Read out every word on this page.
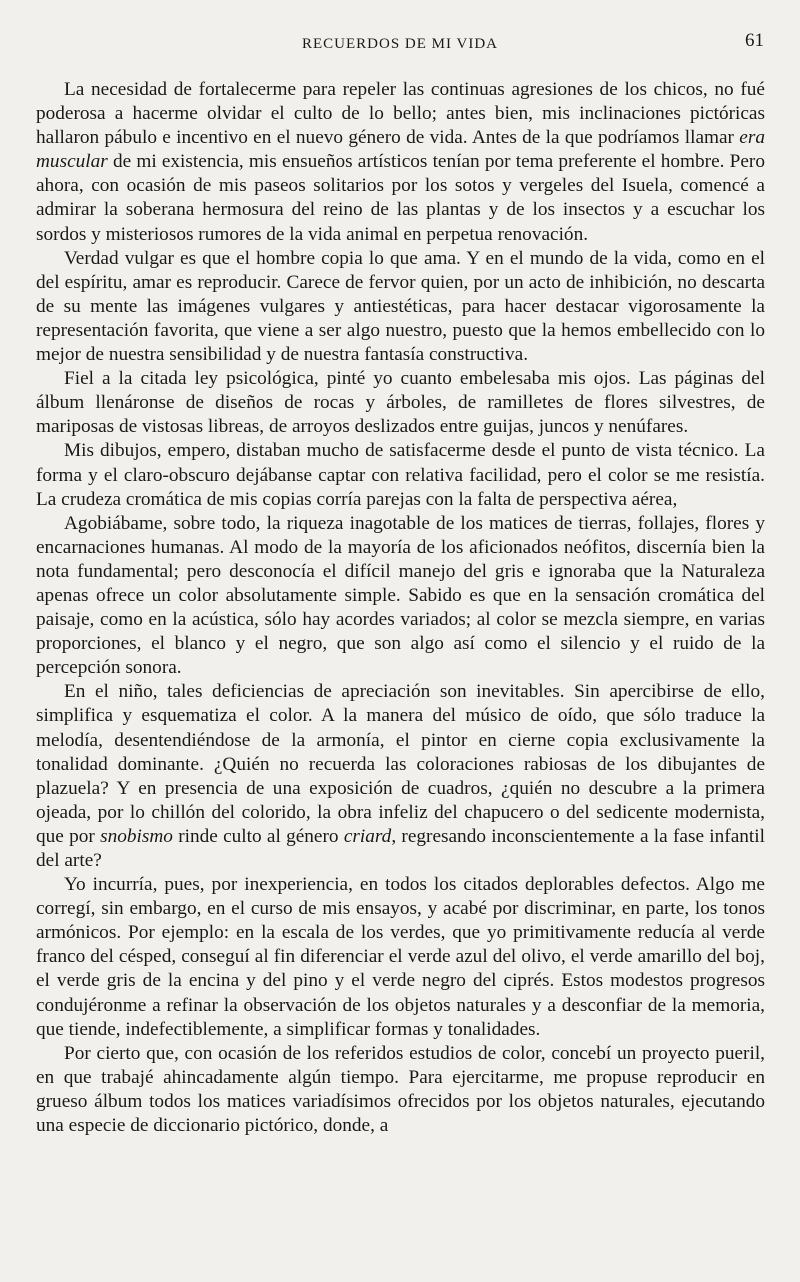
RECUERDOS DE MI VIDA	61

La necesidad de fortalecerme para repeler las continuas agresiones de los chicos, no fué poderosa a hacerme olvidar el culto de lo bello; antes bien, mis inclinaciones pictóricas hallaron pábulo e incentivo en el nuevo género de vida. Antes de la que podríamos llamar era muscular de mi existencia, mis ensueños artísticos tenían por tema preferente el hombre. Pero ahora, con ocasión de mis paseos solitarios por los sotos y vergeles del Isuela, comencé a admirar la soberana hermosura del reino de las plantas y de los insectos y a escuchar los sordos y misteriosos rumores de la vida animal en perpetua renovación.

Verdad vulgar es que el hombre copia lo que ama. Y en el mundo de la vida, como en el del espíritu, amar es reproducir. Carece de fervor quien, por un acto de inhibición, no descarta de su mente las imágenes vulgares y antiestéticas, para hacer destacar vigorosamente la representación favorita, que viene a ser algo nuestro, puesto que la hemos embellecido con lo mejor de nuestra sensibilidad y de nuestra fantasía constructiva.

Fiel a la citada ley psicológica, pinté yo cuanto embelesaba mis ojos. Las páginas del álbum llenáronse de diseños de rocas y árboles, de ramilletes de flores silvestres, de mariposas de vistosas libreas, de arroyos deslizados entre guijas, juncos y nenúfares.

Mis dibujos, empero, distaban mucho de satisfacerme desde el punto de vista técnico. La forma y el claro-obscuro dejábanse captar con relativa facilidad, pero el color se me resistía. La crudeza cromática de mis copias corría parejas con la falta de perspectiva aérea,

Agobiábame, sobre todo, la riqueza inagotable de los matices de tierras, follajes, flores y encarnaciones humanas. Al modo de la mayoría de los aficionados neófitos, discernía bien la nota fundamental; pero desconocía el difícil manejo del gris e ignoraba que la Naturaleza apenas ofrece un color absolutamente simple. Sabido es que en la sensación cromática del paisaje, como en la acústica, sólo hay acordes variados; al color se mezcla siempre, en varias proporciones, el blanco y el negro, que son algo así como el silencio y el ruido de la percepción sonora.

En el niño, tales deficiencias de apreciación son inevitables. Sin apercibirse de ello, simplifica y esquematiza el color. A la manera del músico de oído, que sólo traduce la melodía, desentendiéndose de la armonía, el pintor en cierne copia exclusivamente la tonalidad dominante. ¿Quién no recuerda las coloraciones rabiosas de los dibujantes de plazuela? Y en presencia de una exposición de cuadros, ¿quién no descubre a la primera ojeada, por lo chillón del colorido, la obra infeliz del chapucero o del sedicente modernista, que por snobismo rinde culto al género criard, regresando inconscientemente a la fase infantil del arte?

Yo incurría, pues, por inexperiencia, en todos los citados deplorables defectos. Algo me corregí, sin embargo, en el curso de mis ensayos, y acabé por discriminar, en parte, los tonos armónicos. Por ejemplo: en la escala de los verdes, que yo primitivamente reducía al verde franco del césped, conseguí al fin diferenciar el verde azul del olivo, el verde amarillo del boj, el verde gris de la encina y del pino y el verde negro del ciprés. Estos modestos progresos condujéronme a refinar la observación de los objetos naturales y a desconfiar de la memoria, que tiende, indefectiblemente, a simplificar formas y tonalidades.

Por cierto que, con ocasión de los referidos estudios de color, concebí un proyecto pueril, en que trabajé ahincadamente algún tiempo. Para ejercitarme, me propuse reproducir en grueso álbum todos los matices variadísimos ofrecidos por los objetos naturales, ejecutando una especie de diccionario pictórico, donde, a
